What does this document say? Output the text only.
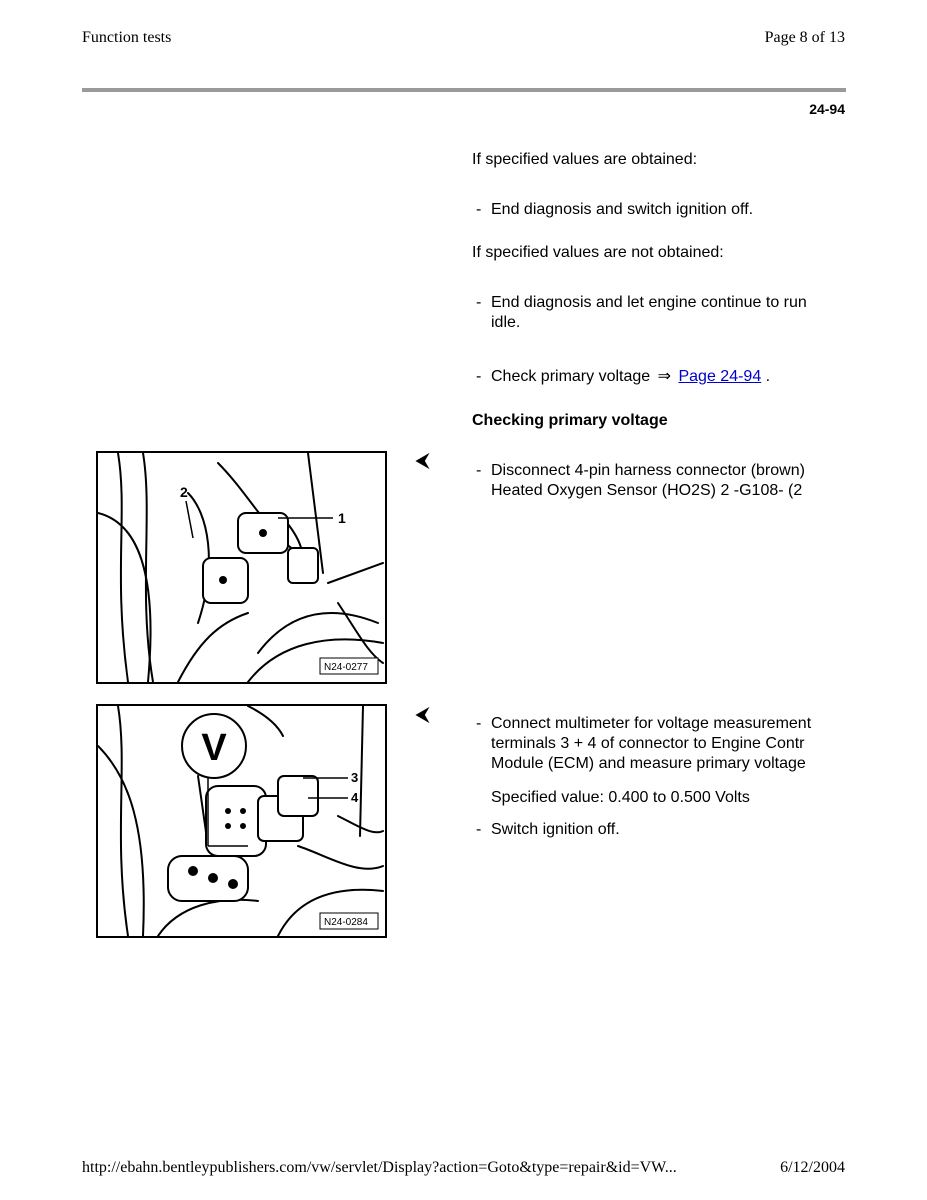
Function tests	Page 8 of 13
24-94
If specified values are obtained:
- End diagnosis and switch ignition off.
If specified values are not obtained:
- End diagnosis and let engine continue to run
idle.
- Check primary voltage ⇒ Page 24-94 .
Checking primary voltage
⮜
- Disconnect 4-pin harness connector (brown)
Heated Oxygen Sensor (HO2S) 2 -G108- (2
1
2
N24-0277
⮜	- Connect multimeter for voltage measurement
terminals 3 + 4 of connector to Engine Contr
Module (ECM) and measure primary voltage
Specified value: 0.400 to 0.500 Volts
- Switch ignition off.
V
3
4
N24-0284
http://ebahn.bentleypublishers.com/vw/servlet/Display?action=Goto&type=repair&id=VW...	6/12/2004
